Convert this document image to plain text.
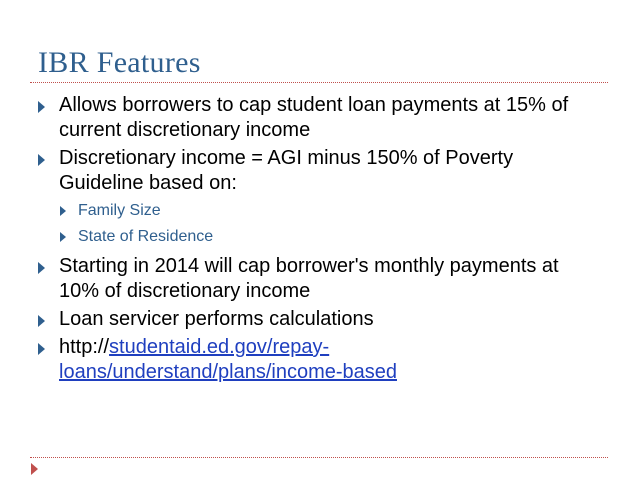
IBR Features
Allows borrowers to cap student loan payments at 15% of current discretionary income
Discretionary income = AGI minus 150% of Poverty Guideline based on:
Family Size
State of Residence
Starting in 2014 will cap borrower's monthly payments at 10% of discretionary income
Loan servicer performs calculations
http://studentaid.ed.gov/repay-loans/understand/plans/income-based
